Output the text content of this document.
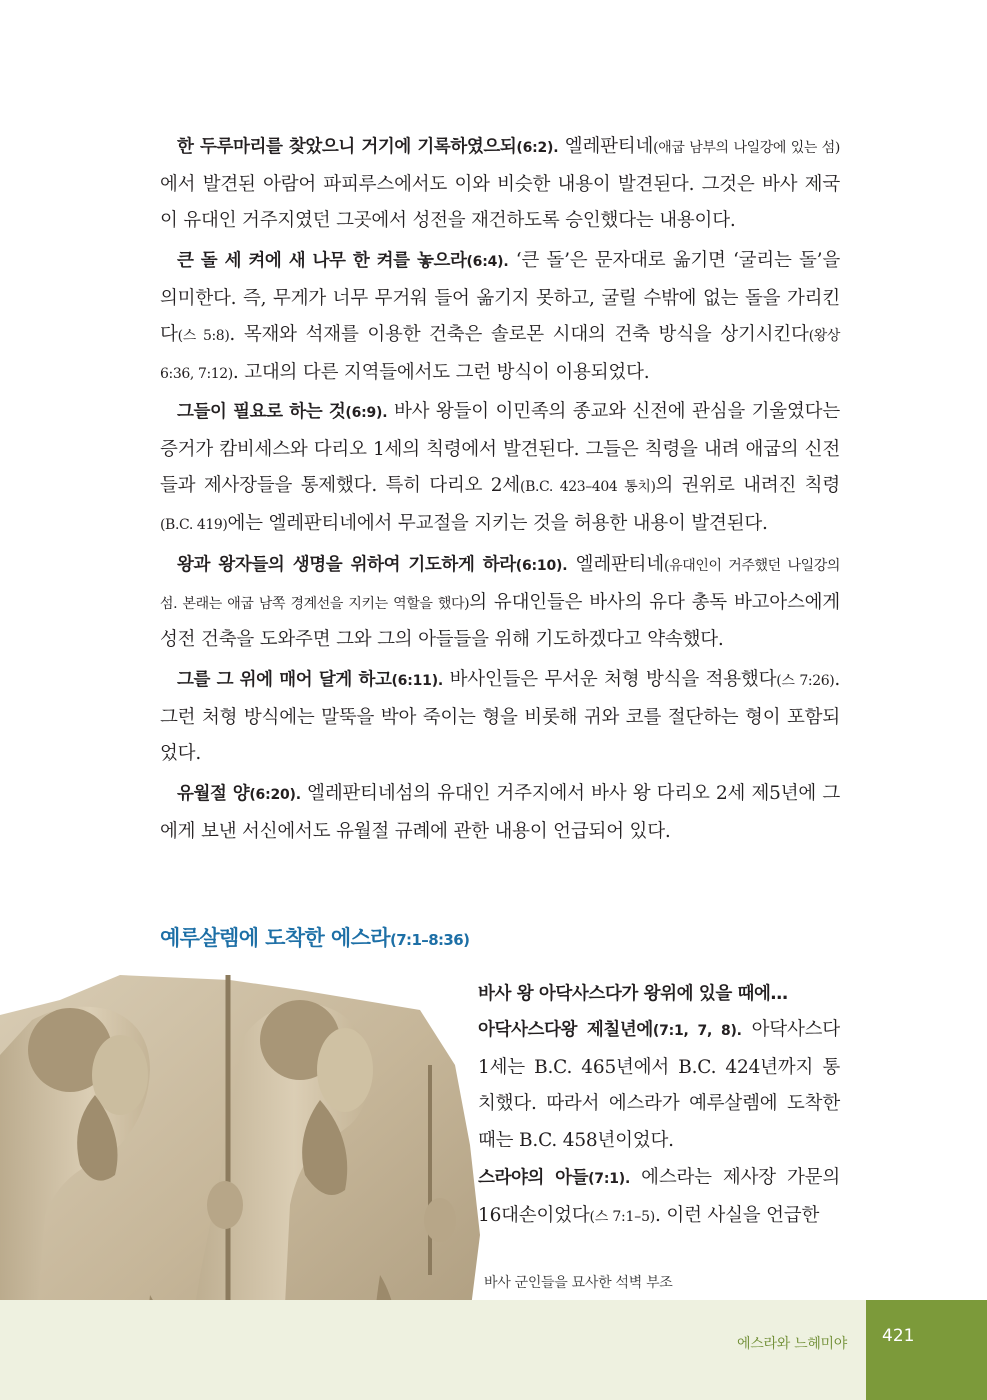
한 두루마리를 찾았으니 거기에 기록하였으되(6:2). 엘레판티네(애굽 남부의 나일강에 있는 섬)에서 발견된 아람어 파피루스에서도 이와 비슷한 내용이 발견된다. 그것은 바사 제국이 유대인 거주지였던 그곳에서 성전을 재건하도록 승인했다는 내용이다.
큰 돌 세 켜에 새 나무 한 켜를 놓으라(6:4). ‘큰 돌’은 문자대로 옮기면 ‘굴리는 돌’을 의미한다. 즉, 무게가 너무 무거워 들어 옮기지 못하고, 굴릴 수밖에 없는 돌을 가리킨다(스 5:8). 목재와 석재를 이용한 건축은 솔로몬 시대의 건축 방식을 상기시킨다(왕상 6:36, 7:12). 고대의 다른 지역들에서도 그런 방식이 이용되었다.
그들이 필요로 하는 것(6:9). 바사 왕들이 이민족의 종교와 신전에 관심을 기울였다는 증거가 캄비세스와 다리오 1세의 칙령에서 발견된다. 그들은 칙령을 내려 애굽의 신전들과 제사장들을 통제했다. 특히 다리오 2세(B.C. 423–404 통치)의 권위로 내려진 칙령(B.C. 419)에는 엘레판티네에서 무교절을 지키는 것을 허용한 내용이 발견된다.
왕과 왕자들의 생명을 위하여 기도하게 하라(6:10). 엘레판티네(유대인이 거주했던 나일강의 섬. 본래는 애굽 남쪽 경계선을 지키는 역할을 했다)의 유대인들은 바사의 유다 총독 바고아스에게 성전 건축을 도와주면 그와 그의 아들들을 위해 기도하겠다고 약속했다.
그를 그 위에 매어 달게 하고(6:11). 바사인들은 무서운 처형 방식을 적용했다(스 7:26). 그런 처형 방식에는 말뚝을 박아 죽이는 형을 비롯해 귀와 코를 절단하는 형이 포함되었다.
유월절 양(6:20). 엘레판티네섬의 유대인 거주지에서 바사 왕 다리오 2세 제5년에 그에게 보낸 서신에서도 유월절 규례에 관한 내용이 언급되어 있다.
예루살렘에 도착한 에스라(7:1–8:36)
바사 왕 아닥사스다가 왕위에 있을 때에…
아닥사스다왕 제칠년에(7:1, 7, 8). 아닥사스다 1세는 B.C. 465년에서 B.C. 424년까지 통치했다. 따라서 에스라가 예루살렘에 도착한 때는 B.C. 458년이었다.
스라야의 아들(7:1). 에스라는 제사장 가문의 16대손이었다(스 7:1–5). 이런 사실을 언급한
바사 군인들을 묘사한 석벽 부조
에스라와 느헤미야 421
